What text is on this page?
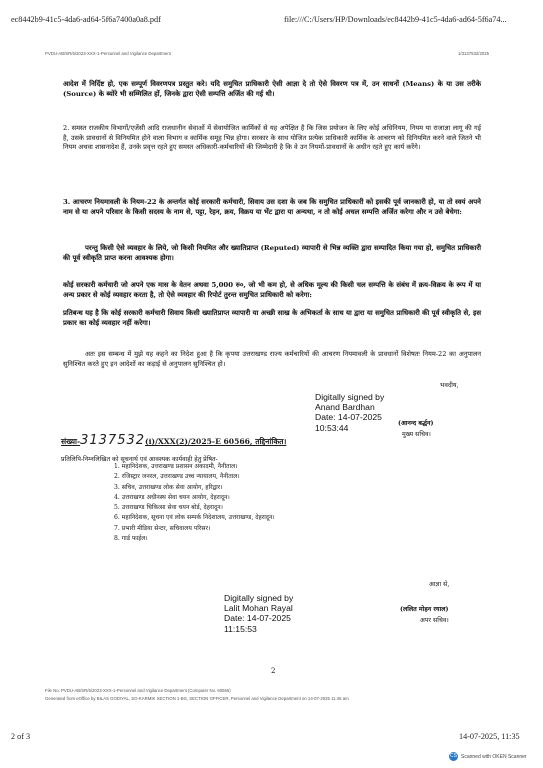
ec8442b9-41c5-4da6-ad64-5f6a7400a0a8.pdf	file:///C:/Users/HP/Downloads/ec8442b9-41c5-4da6-ad64-5f6a74...
PVDU-AB/SR/6/2023-XXX-1-Personnel and Vigilance Department	1/3137532/2025
आदेश में निर्दिष्ट हो, एक सम्पूर्ण विवरणपत्र प्रस्तुत करे। यदि समुचित प्राधिकारी ऐसी आज्ञा दे तो ऐसे विवरण पत्र में, उन साधनों (Means) के या उस तरीके (Source) के ब्योरे भी सम्मिलित हों, जिनके द्वारा ऐसी सम्पत्ति अर्जित की गई थी।
2. समस्त राजकीय विभागों/एजेंसी आदि राजधानीन सेवाओं में सेवायोजित कार्मिकों से यह अपेक्षित है कि जिस प्रयोजन के लिए कोई अधिनियम, नियम या राजाज्ञा लागू की गई है, उसके प्रावधानों से विनियमित होने वाला विभाग व कार्मिक समूह भिन्न होगा। सरकार के साथ योजित प्रत्येक प्राधिकारी कार्मिक के आचरण को दिनियमित करने वाले जितने भी नियम अथवा शासनादेश हैं, उनके प्रवृत्त रहते हुए समस्त अधिकारी-कर्मचारियों की जिम्मेदारी है कि वे उन नियमों-प्रावधानों के अधीन रहते हुए कार्य करेंगे।
3. आचरण नियमावली के नियम-22 के अन्तर्गत कोई सरकारी कर्मचारी, सिवाय उस दशा के जब कि समुचित प्राधिकारी को इसकी पूर्व जानकारी हो, या तो स्वयं अपने नाम से या अपने परिवार के किसी सदस्य के नाम से, पट्टा, रेहन, क्रय, विक्रय या भेंट द्वारा या अन्यथा, न तो कोई अचल सम्पत्ति अर्जित करेगा और न उसे बेचेगा:
परन्तु किसी ऐसे व्यवहार के लिये, जो किसी नियमित और ख्यातिप्राप्त (Reputed) व्यापारी से भिन्न व्यक्ति द्वारा सम्पादित किया गया हो, समुचित प्राधिकारी की पूर्व स्वीकृति प्राप्त करना आवश्यक होगा।
कोई सरकारी कर्मचारी जो अपने एक मास के वेतन अथवा 5,000 रु०, जो भी कम हो, से अधिक मूल्य की किसी चल सम्पत्ति के संबंध में क्रय-विक्रय के रूप में या अन्य प्रकार से कोई व्यवहार करता है, तो ऐसे व्यवहार की रिपोर्ट तुरन्त समुचित प्राधिकारी को करेगा:
प्रतिबन्ध यह है कि कोई सरकारी कर्मचारी सिवाय किसी ख्यातिप्राप्त व्यापारी या अच्छी साख के अभिकर्ता के साथ या द्वारा या समुचित प्राधिकारी की पूर्व स्वीकृति से, इस प्रकार का कोई व्यवहार नहीं करेगा।
अतः इस सम्बन्ध में मुझे यह कहने का निदेश हुआ है कि कृपया उत्तराखण्ड राज्य कर्मचारियों की आचरण नियमावली के प्रावधानों विशेषतः नियम-22 का अनुपालन सुनिश्चित करते हुए इन आदेशों का कड़ाई से अनुपालन सुनिश्चित हो।
भवदीय,
Digitally signed by
Anand Bardhan
Date: 14-07-2025
10:53:44	(आनन्द बर्द्धन)
मुख्य सचिव।
संख्या-3137532(i)/XXX(2)/2025-E 60566, तद्दिनांकित।
प्रतिलिपि-निम्नलिखित को सूचनार्थ एवं आवश्यक कार्यवाही हेतु प्रेषित-
1. महानिदेशक, उत्तराखण्ड प्रशासन अकादमी, नैनीताल।
2. रजिस्ट्रार जनरल, उत्तराखण्ड उच्च न्यायालय, नैनीताल।
3. सचिव, उत्तराखण्ड लोक सेवा आयोग, हरिद्वार।
4. उत्तराखण्ड अधीनस्थ सेवा चयन आयोग, देहरादून।
5. उत्तराखण्ड चिकित्सा सेवा चयन बोर्ड, देहरादून।
6. महानिदेशक, सूचना एवं लोक सम्पर्क निदेशालय, उत्तराखण्ड, देहरादून।
7. प्रभारी मीडिया सेन्टर, सचिवालय परिसर।
8. गार्ड फाईल।
आज्ञा से,
Digitally signed by
Lalit Mohan Rayal
Date: 14-07-2025
11:15:53
(ललित मोहन रयाल)
अपर सचिव।
2
File No. PVDU-AB/SR/6/2023-XXX-1-Personnel and Vigilance Department (Computer No. 60566)
Generated from eOffice by BILAS GODIYAL, SO-KARMIK SECTION 1-BG, SECTION OFFICER, Personnel and Vigilance Department on 14-07-2025 11:45 am
2 of 3	14-07-2025, 11:35
CS Scanned with OKEN Scanner
